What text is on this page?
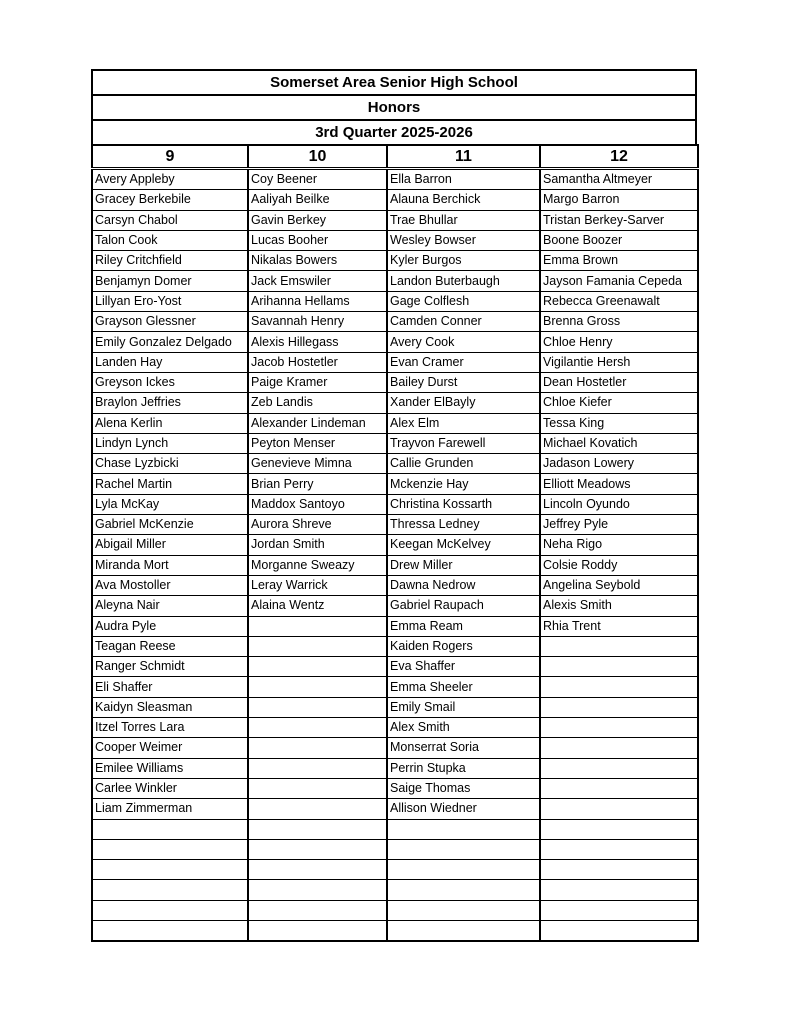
Somerset Area Senior High School
Honors
3rd Quarter 2025-2026
9	10	11	12
Avery Appleby	Coy Beener	Ella Barron	Samantha Altmeyer
Gracey Berkebile	Aaliyah Beilke	Alauna Berchick	Margo Barron
Carsyn Chabol	Gavin Berkey	Trae Bhullar	Tristan Berkey-Sarver
Talon Cook	Lucas Booher	Wesley Bowser	Boone Boozer
Riley Critchfield	Nikalas Bowers	Kyler Burgos	Emma Brown
Benjamyn Domer	Jack Emswiler	Landon Buterbaugh	Jayson Famania Cepeda
Lillyan Ero-Yost	Arihanna Hellams	Gage Colflesh	Rebecca Greenawalt
Grayson Glessner	Savannah Henry	Camden Conner	Brenna Gross
Emily Gonzalez Delgado	Alexis Hillegass	Avery Cook	Chloe Henry
Landen Hay	Jacob Hostetler	Evan Cramer	Vigilantie Hersh
Greyson Ickes	Paige Kramer	Bailey Durst	Dean Hostetler
Braylon Jeffries	Zeb Landis	Xander ElBayly	Chloe Kiefer
Alena Kerlin	Alexander Lindeman	Alex Elm	Tessa King
Lindyn Lynch	Peyton Menser	Trayvon Farewell	Michael Kovatich
Chase Lyzbicki	Genevieve Mimna	Callie Grunden	Jadason Lowery
Rachel Martin	Brian Perry	Mckenzie Hay	Elliott Meadows
Lyla McKay	Maddox Santoyo	Christina Kossarth	Lincoln Oyundo
Gabriel McKenzie	Aurora Shreve	Thressa Ledney	Jeffrey Pyle
Abigail Miller	Jordan Smith	Keegan McKelvey	Neha Rigo
Miranda Mort	Morganne Sweazy	Drew Miller	Colsie Roddy
Ava Mostoller	Leray Warrick	Dawna Nedrow	Angelina Seybold
Aleyna Nair	Alaina Wentz	Gabriel Raupach	Alexis Smith
Audra Pyle		Emma Ream	Rhia Trent
Teagan Reese		Kaiden Rogers	
Ranger Schmidt		Eva Shaffer	
Eli Shaffer		Emma Sheeler	
Kaidyn Sleasman		Emily Smail	
Itzel Torres Lara		Alex Smith	
Cooper Weimer		Monserrat Soria	
Emilee Williams		Perrin Stupka	
Carlee Winkler		Saige Thomas	
Liam Zimmerman		Allison Wiedner	
